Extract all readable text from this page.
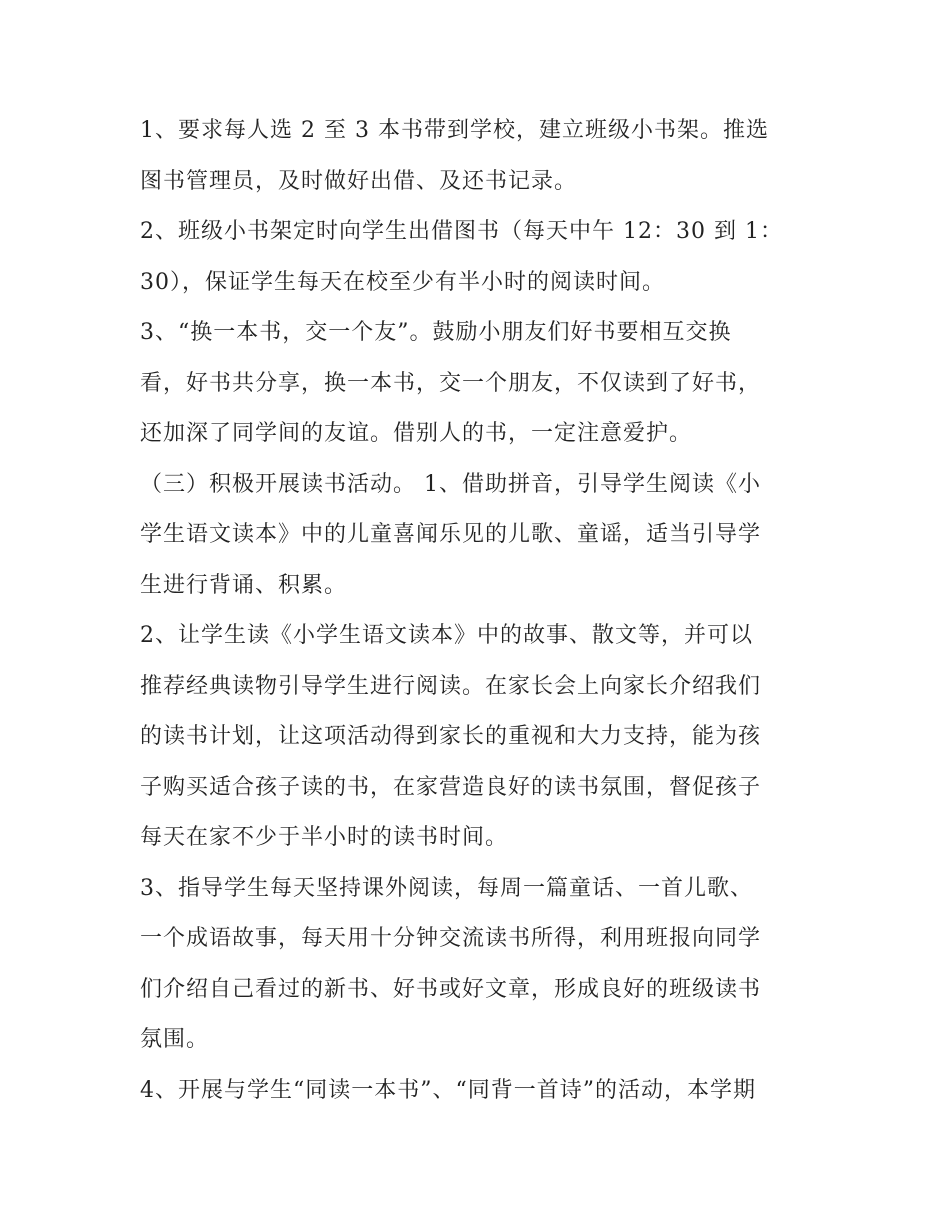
1、要求每人选 2 至 3 本书带到学校，建立班级小书架。推选

图书管理员，及时做好出借、及还书记录。

2、班级小书架定时向学生出借图书（每天中午 12：30 到 1：

30），保证学生每天在校至少有半小时的阅读时间。

3、“换一本书，交一个友”。鼓励小朋友们好书要相互交换

看，好书共分享，换一本书，交一个朋友，不仅读到了好书，

还加深了同学间的友谊。借别人的书，一定注意爱护。

（三）积极开展读书活动。 1、借助拼音，引导学生阅读《小

学生语文读本》中的儿童喜闻乐见的儿歌、童谣，适当引导学

生进行背诵、积累。

2、让学生读《小学生语文读本》中的故事、散文等，并可以

推荐经典读物引导学生进行阅读。在家长会上向家长介绍我们

的读书计划，让这项活动得到家长的重视和大力支持，能为孩

子购买适合孩子读的书，在家营造良好的读书氛围，督促孩子

每天在家不少于半小时的读书时间。

3、指导学生每天坚持课外阅读，每周一篇童话、一首儿歌、

一个成语故事，每天用十分钟交流读书所得，利用班报向同学

们介绍自己看过的新书、好书或好文章，形成良好的班级读书

氛围。

4、开展与学生“同读一本书”、“同背一首诗”的活动，本学期
